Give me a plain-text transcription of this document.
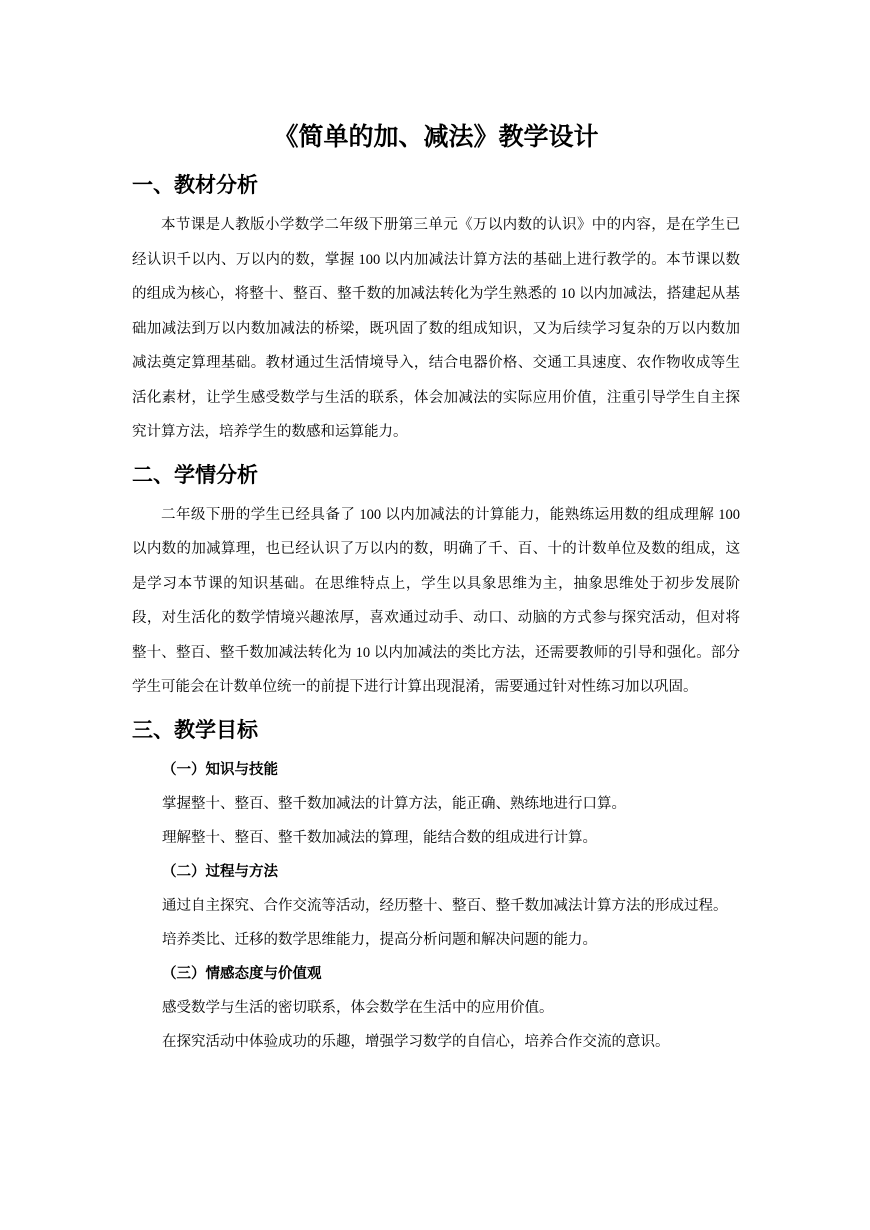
《简单的加、减法》教学设计
一、教材分析

本节课是人教版小学数学二年级下册第三单元《万以内数的认识》中的内容，是在学生已经认识千以内、万以内的数，掌握 100 以内加减法计算方法的基础上进行教学的。本节课以数的组成为核心，将整十、整百、整千数的加减法转化为学生熟悉的 10 以内加减法，搭建起从基础加减法到万以内数加减法的桥梁，既巩固了数的组成知识，又为后续学习复杂的万以内数加减法奠定算理基础。教材通过生活情境导入，结合电器价格、交通工具速度、农作物收成等生活化素材，让学生感受数学与生活的联系，体会加减法的实际应用价值，注重引导学生自主探究计算方法，培养学生的数感和运算能力。

二、学情分析

二年级下册的学生已经具备了 100 以内加减法的计算能力，能熟练运用数的组成理解 100 以内数的加减算理，也已经认识了万以内的数，明确了千、百、十的计数单位及数的组成，这是学习本节课的知识基础。在思维特点上，学生以具象思维为主，抽象思维处于初步发展阶段，对生活化的数学情境兴趣浓厚，喜欢通过动手、动口、动脑的方式参与探究活动，但对将整十、整百、整千数加减法转化为 10 以内加减法的类比方法，还需要教师的引导和强化。部分学生可能会在计数单位统一的前提下进行计算出现混淆，需要通过针对性练习加以巩固。

三、教学目标
（一）知识与技能
掌握整十、整百、整千数加减法的计算方法，能正确、熟练地进行口算。
理解整十、整百、整千数加减法的算理，能结合数的组成进行计算。
（二）过程与方法
通过自主探究、合作交流等活动，经历整十、整百、整千数加减法计算方法的形成过程。
培养类比、迁移的数学思维能力，提高分析问题和解决问题的能力。
（三）情感态度与价值观
感受数学与生活的密切联系，体会数学在生活中的应用价值。
在探究活动中体验成功的乐趣，增强学习数学的自信心，培养合作交流的意识。
